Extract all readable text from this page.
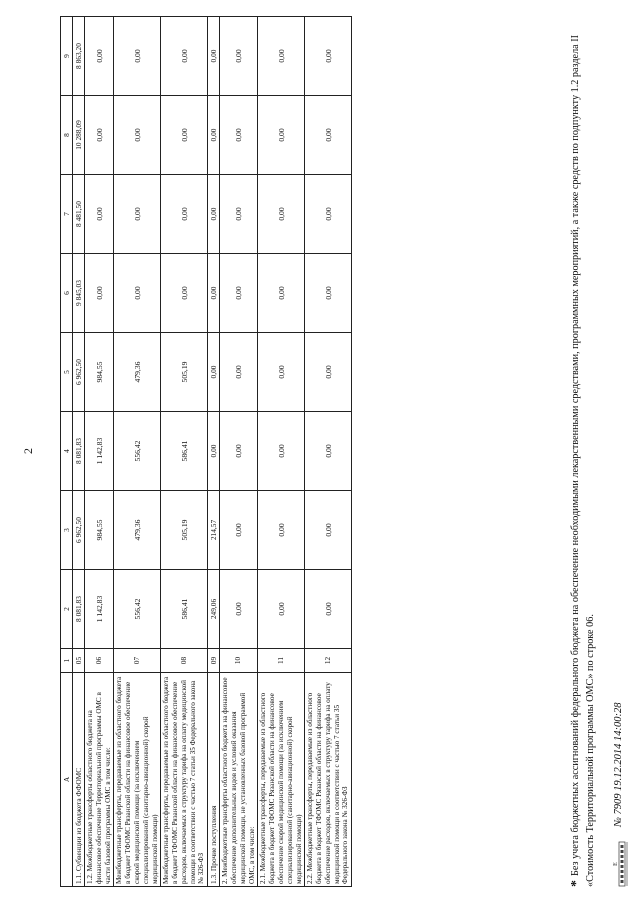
2
А	1	2	3	4	5	6	7	8	9
1.1. Субвенции из бюджета ФФОМС	05	8 081,83	6 962,50	8 081,83	6 962,50	9 845,03	8 481,50	10 288,09	8 863,20
1.2. Межбюджетные трансферты областного бюджета на финансовое обеспечение Территориальной программы ОМС в части базовой программы ОМС в том числе:	06	1 142,83	984,55	1 142,83	984,55	0,00	0,00	0,00	0,00
Межбюджетные трансферты, передаваемые из областного бюджета в бюджет ТФОМС Рязанской области на финансовое обеспечение скорой медицинской помощи (за исключением специализированной (санитарно-авиационной) скорой медицинской помощи)	07	556,42	479,36	556,42	479,36	0,00	0,00	0,00	0,00
Межбюджетные трансферты, передаваемые из областного бюджета в бюджет ТФОМС Рязанской области на финансовое обеспечение расходов, включаемых в структуру тарифа на оплату медицинской помощи в соответствии с частью 7 статьи 35 Федерального закона № 326-ФЗ	08	586,41	505,19	586,41	505,19	0,00	0,00	0,00	0,00
1.3. Прочие поступления	09	249,06	214,57	0,00	0,00	0,00	0,00	0,00	0,00
2. Межбюджетные трансферты областного бюджета на финансовое обеспечение дополнительных видов и условий оказания медицинской помощи, не установленных базовой программой ОМС, в том числе:	10	0,00	0,00	0,00	0,00	0,00	0,00	0,00	0,00
2.1. Межбюджетные трансферты, передаваемые из областного бюджета в бюджет ТФОМС Рязанской области на финансовое обеспечение скорой медицинской помощи (за исключением специализированной (санитарно-авиационной) скорой медицинской помощи)	11	0,00	0,00	0,00	0,00	0,00	0,00	0,00	0,00
2.2. Межбюджетные трансферты, передаваемые из областного бюджета в бюджет ТФОМС Рязанской области на финансовое обеспечение расходов, включаемых в структуру тарифа на оплату медицинской помощи в соответствии с частью 7 статьи 35 Федерального закона № 326-ФЗ	12	0,00	0,00	0,00	0,00	0,00	0,00	0,00	0,00
*Без учета бюджетных ассигнований федерального бюджета на обеспечение необходимыми лекарственными средствами, программных мероприятий, а также средств по подпункту 1.2 раздела II «Стоимость Территориальной программы ОМС» по строке 06.	E
№ 7909 19.12.2014 14:00:28
